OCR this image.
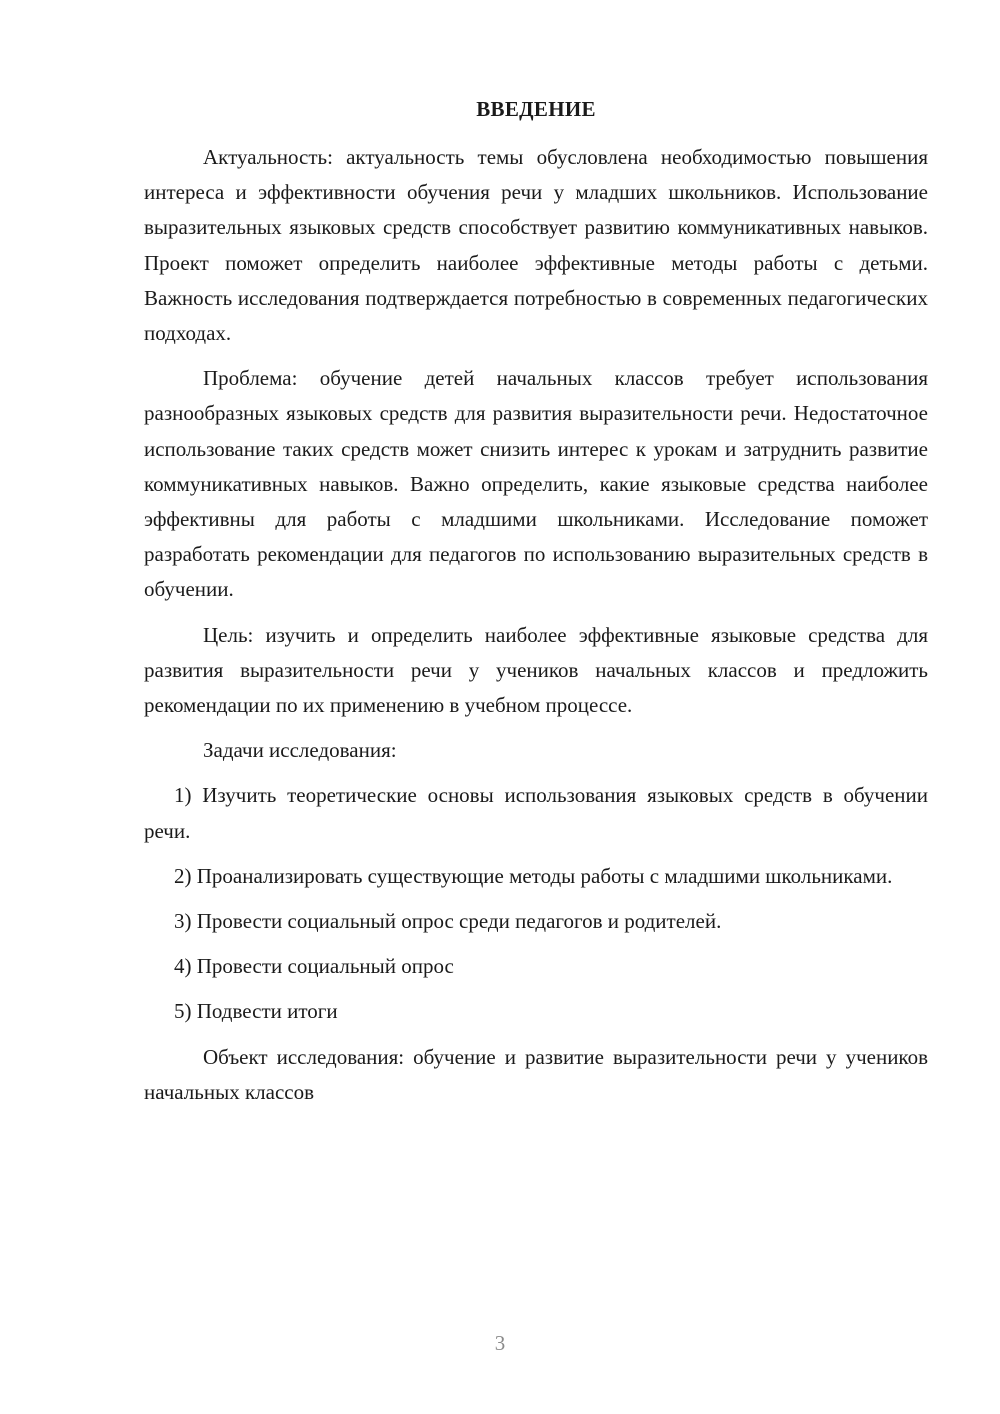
ВВЕДЕНИЕ

Актуальность: актуальность темы обусловлена необходимостью повышения интереса и эффективности обучения речи у младших школьников. Использование выразительных языковых средств способствует развитию коммуникативных навыков. Проект поможет определить наиболее эффективные методы работы с детьми. Важность исследования подтверждается потребностью в современных педагогических подходах.

Проблема: обучение детей начальных классов требует использования разнообразных языковых средств для развития выразительности речи. Недостаточное использование таких средств может снизить интерес к урокам и затруднить развитие коммуникативных навыков. Важно определить, какие языковые средства наиболее эффективны для работы с младшими школьниками. Исследование поможет разработать рекомендации для педагогов по использованию выразительных средств в обучении.

Цель: изучить и определить наиболее эффективные языковые средства для развития выразительности речи у учеников начальных классов и предложить рекомендации по их применению в учебном процессе.

Задачи исследования:

1) Изучить теоретические основы использования языковых средств в обучении речи.

2) Проанализировать существующие методы работы с младшими школьниками.

3) Провести социальный опрос среди педагогов и родителей.

4) Провести социальный опрос

5) Подвести итоги

Объект исследования: обучение и развитие выразительности речи у учеников начальных классов

3
